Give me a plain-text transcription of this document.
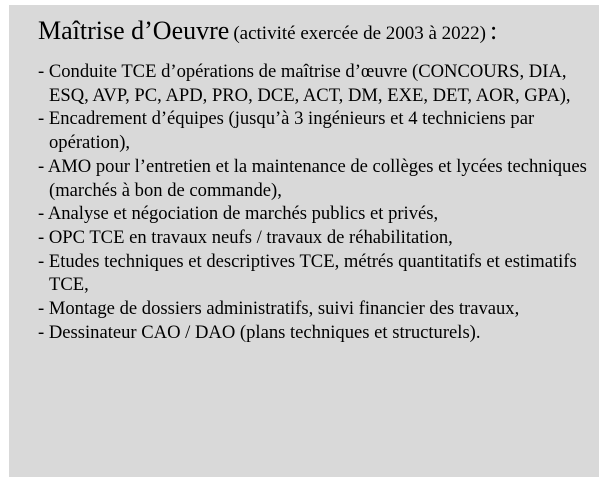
Maîtrise d’Oeuvre (activité exercée de 2003 à 2022) :
- Conduite TCE d’opérations de maîtrise d’œuvre (CONCOURS, DIA, ESQ, AVP, PC, APD, PRO, DCE, ACT, DM, EXE, DET, AOR, GPA),
- Encadrement d’équipes (jusqu’à 3 ingénieurs et 4 techniciens par opération),
- AMO pour l’entretien et la maintenance de collèges et lycées techniques (marchés à bon de commande),
- Analyse et négociation de marchés publics et privés,
- OPC TCE en travaux neufs / travaux de réhabilitation,
- Etudes techniques et descriptives TCE, métrés quantitatifs et estimatifs TCE,
- Montage de dossiers administratifs, suivi financier des travaux,
- Dessinateur CAO / DAO (plans techniques et structurels).
